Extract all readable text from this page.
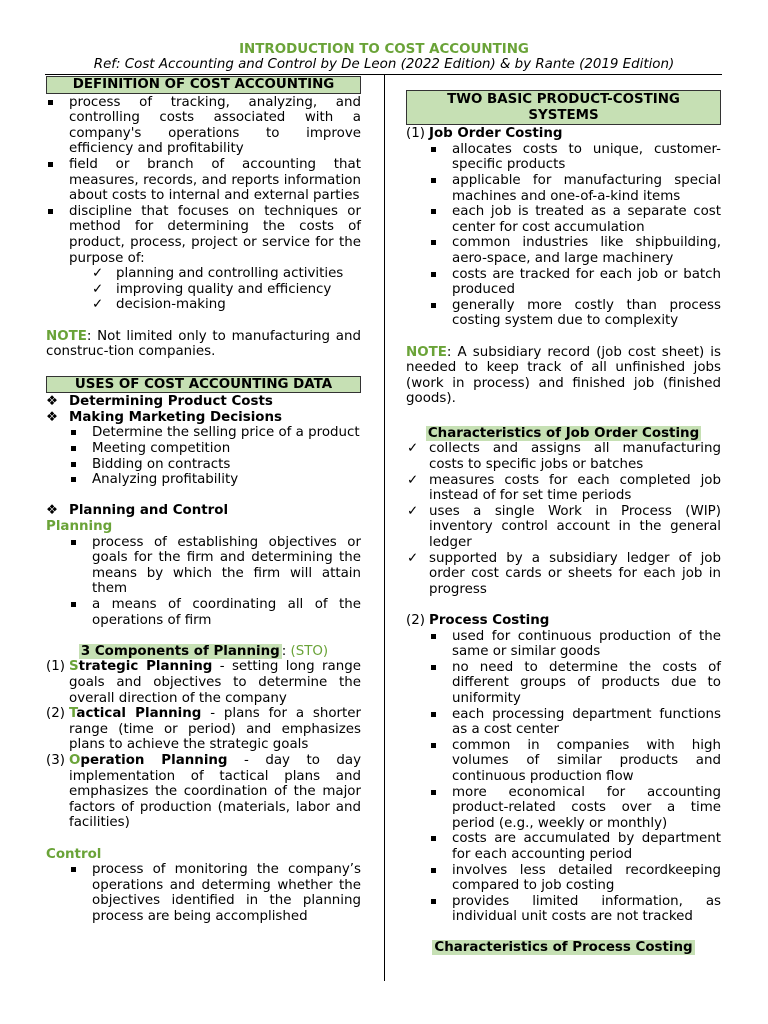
INTRODUCTION TO COST ACCOUNTING
Ref: Cost Accounting and Control by De Leon (2022 Edition) & by Rante (2019 Edition)
DEFINITION OF COST ACCOUNTING
process of tracking, analyzing, and controlling costs associated with a company's operations to improve efficiency and profitability
field or branch of accounting that measures, records, and reports information about costs to internal and external parties
discipline that focuses on techniques or method for determining the costs of product, process, project or service for the purpose of:
✓ planning and controlling activities
✓ improving quality and efficiency
✓ decision-making
NOTE: Not limited only to manufacturing and construc-tion companies.
USES OF COST ACCOUNTING DATA
❖ Determining Product Costs
❖ Making Marketing Decisions
Determine the selling price of a product
Meeting competition
Bidding on contracts
Analyzing profitability
❖ Planning and Control
Planning
process of establishing objectives or goals for the firm and determining the means by which the firm will attain them
a means of coordinating all of the operations of firm
3 Components of Planning : (STO)
(1) Strategic Planning - setting long range goals and objectives to determine the overall direction of the company
(2) Tactical Planning - plans for a shorter range (time or period) and emphasizes plans to achieve the strategic goals
(3) Operation Planning - day to day implementation of tactical plans and emphasizes the coordination of the major factors of production (materials, labor and facilities)
Control
process of monitoring the company’s operations and determing whether the objectives identified in the planning process are being accomplished
TWO BASIC PRODUCT-COSTING SYSTEMS
(1) Job Order Costing
allocates costs to unique, customer-specific products
applicable for manufacturing special machines and one-of-a-kind items
each job is treated as a separate cost center for cost accumulation
common industries like shipbuilding, aero-space, and large machinery
costs are tracked for each job or batch produced
generally more costly than process costing system due to complexity
NOTE: A subsidiary record (job cost sheet) is needed to keep track of all unfinished jobs (work in process) and finished job (finished goods).
Characteristics of Job Order Costing
✓ collects and assigns all manufacturing costs to specific jobs or batches
✓ measures costs for each completed job instead of for set time periods
✓ uses a single Work in Process (WIP) inventory control account in the general ledger
✓ supported by a subsidiary ledger of job order cost cards or sheets for each job in progress
(2) Process Costing
used for continuous production of the same or similar goods
no need to determine the costs of different groups of products due to uniformity
each processing department functions as a cost center
common in companies with high volumes of similar products and continuous production flow
more economical for accounting product-related costs over a time period (e.g., weekly or monthly)
costs are accumulated by department for each accounting period
involves less detailed recordkeeping compared to job costing
provides limited information, as individual unit costs are not tracked
Characteristics of Process Costing
